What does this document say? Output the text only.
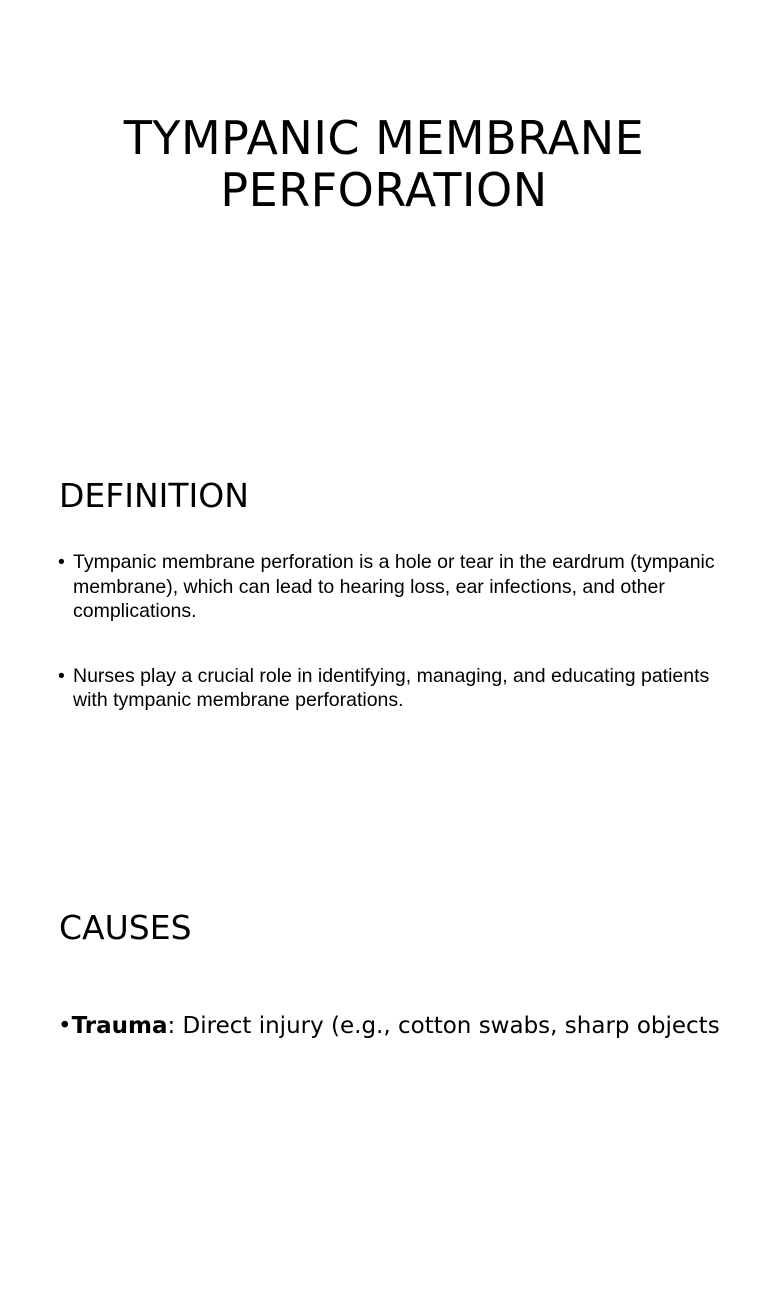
TYMPANIC MEMBRANE
PERFORATION
DEFINITION
• Tympanic membrane perforation is a hole or tear in the eardrum (tympanic membrane), which can lead to hearing loss, ear infections, and other complications.
• Nurses play a crucial role in identifying, managing, and educating patients with tympanic membrane perforations.
CAUSES
•Trauma: Direct injury (e.g., cotton swabs, sharp objects
